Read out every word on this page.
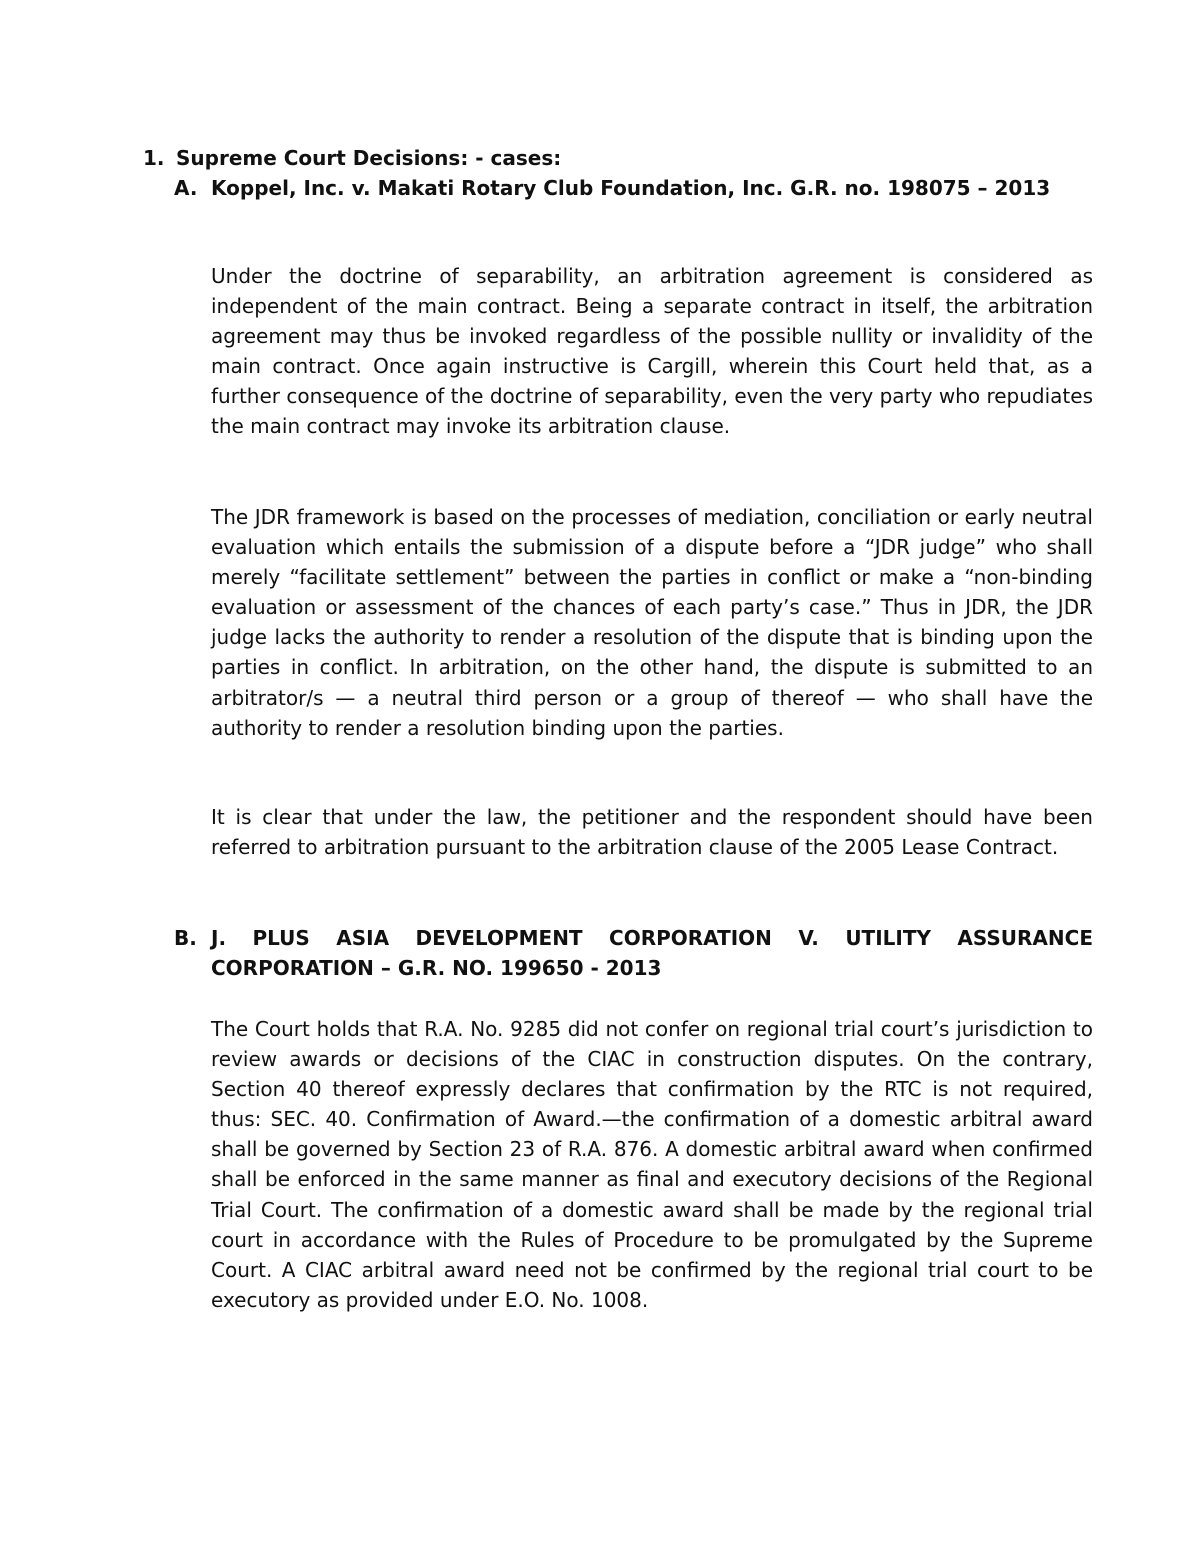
1. Supreme Court Decisions: - cases:
A. Koppel, Inc. v. Makati Rotary Club Foundation, Inc. G.R. no. 198075 – 2013

Under the doctrine of separability, an arbitration agreement is considered as independent of the main contract. Being a separate contract in itself, the arbitration agreement may thus be invoked regardless of the possible nullity or invalidity of the main contract. Once again instructive is Cargill, wherein this Court held that, as a further consequence of the doctrine of separability, even the very party who repudiates the main contract may invoke its arbitration clause.

The JDR framework is based on the processes of mediation, conciliation or early neutral evaluation which entails the submission of a dispute before a “JDR judge” who shall merely “facilitate settlement” between the parties in conflict or make a “non-binding evaluation or assessment of the chances of each party’s case.” Thus in JDR, the JDR judge lacks the authority to render a resolution of the dispute that is binding upon the parties in conflict. In arbitration, on the other hand, the dispute is submitted to an arbitrator/s — a neutral third person or a group of thereof — who shall have the authority to render a resolution binding upon the parties.

It is clear that under the law, the petitioner and the respondent should have been referred to arbitration pursuant to the arbitration clause of the 2005 Lease Contract.

B. J. PLUS ASIA DEVELOPMENT CORPORATION V. UTILITY ASSURANCE CORPORATION – G.R. NO. 199650 - 2013

The Court holds that R.A. No. 9285 did not confer on regional trial court’s jurisdiction to review awards or decisions of the CIAC in construction disputes. On the contrary, Section 40 thereof expressly declares that confirmation by the RTC is not required, thus: SEC. 40. Confirmation of Award.—the confirmation of a domestic arbitral award shall be governed by Section 23 of R.A. 876. A domestic arbitral award when confirmed shall be enforced in the same manner as final and executory decisions of the Regional Trial Court. The confirmation of a domestic award shall be made by the regional trial court in accordance with the Rules of Procedure to be promulgated by the Supreme Court. A CIAC arbitral award need not be confirmed by the regional trial court to be executory as provided under E.O. No. 1008.
